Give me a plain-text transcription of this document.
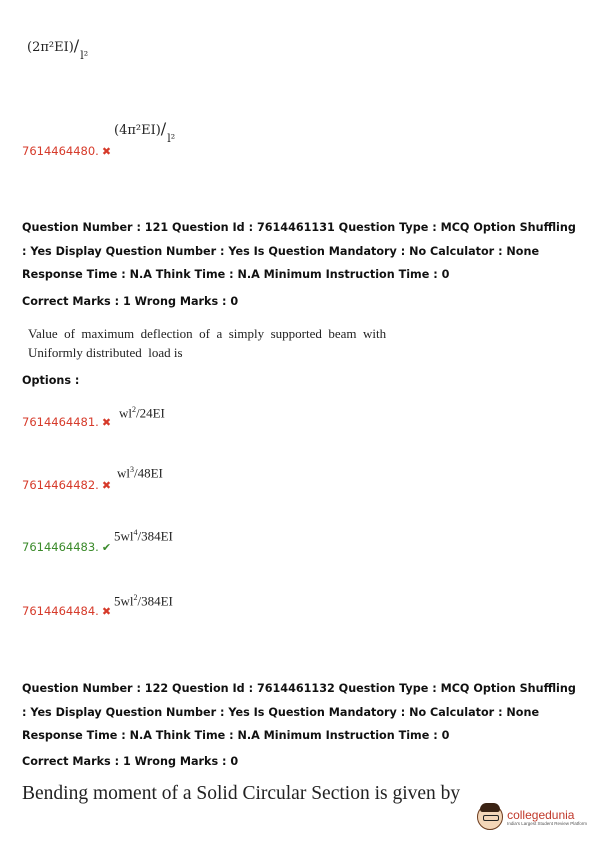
$(2\pi^2EI)/_{l^2}$
7614464480. ✖
$(4\pi^2EI)/_{l^2}$
Question Number : 121 Question Id : 7614461131 Question Type : MCQ Option Shuffling : Yes Display Question Number : Yes Is Question Mandatory : No Calculator : None Response Time : N.A Think Time : N.A Minimum Instruction Time : 0
Correct Marks : 1 Wrong Marks : 0
Value  of  maximum  deflection  of  a  simply  supported  beam  with
Uniformly distributed  load is
Options :
7614464481. ✖
$wl^2/24EI$
7614464482. ✖
$wl^3/48EI$
7614464483. ✔
$5wl^4/384EI$
7614464484. ✖
$5wl^2/384EI$
Question Number : 122 Question Id : 7614461132 Question Type : MCQ Option Shuffling : Yes Display Question Number : Yes Is Question Mandatory : No Calculator : None Response Time : N.A Think Time : N.A Minimum Instruction Time : 0
Correct Marks : 1 Wrong Marks : 0
Bending moment of a Solid Circular Section is given by
collegedunia
India's Largest Student Review Platform
